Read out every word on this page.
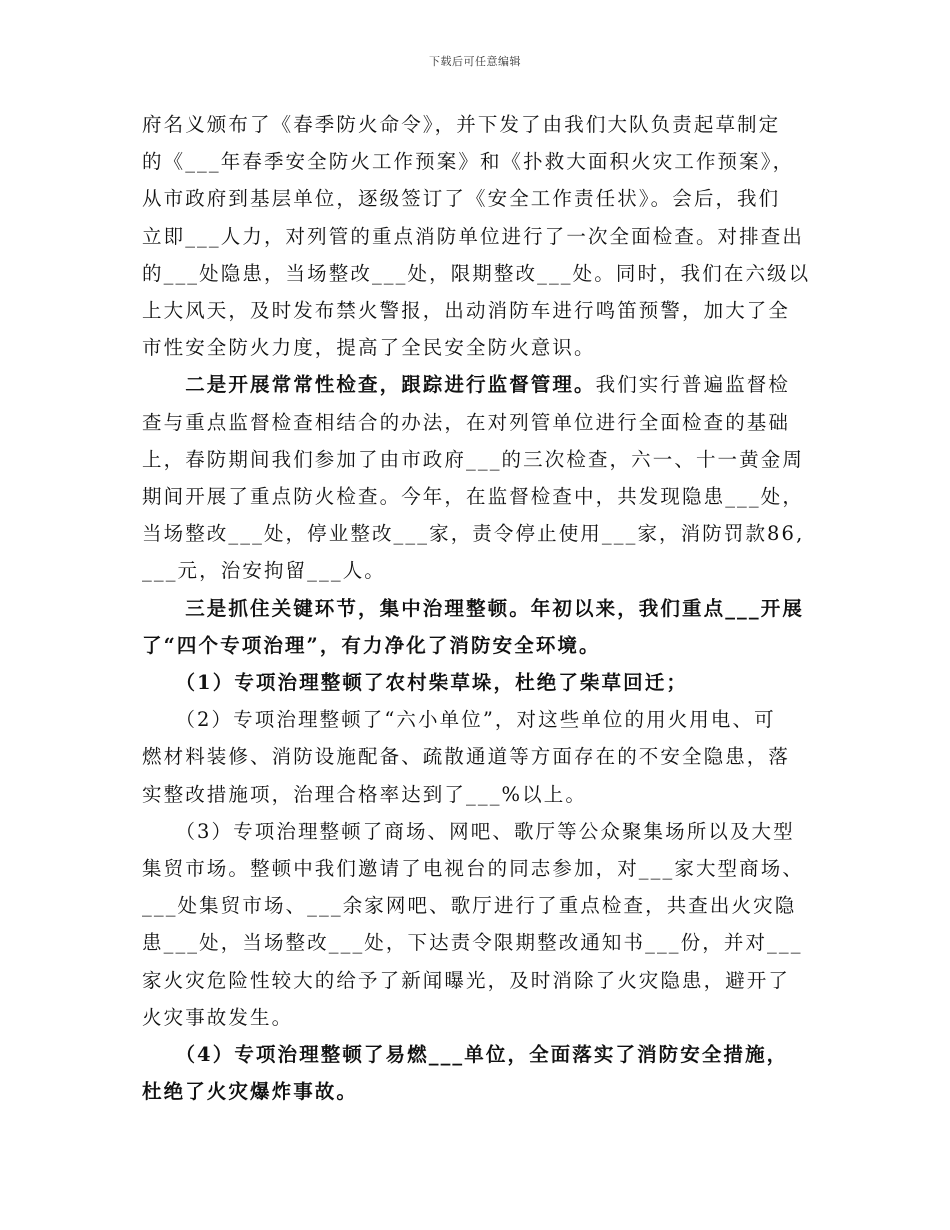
下载后可任意编辑

府名义颁布了《春季防火命令》，并下发了由我们大队负责起草制定
的《___年春季安全防火工作预案》和《扑救大面积火灾工作预案》，
从市政府到基层单位，逐级签订了《安全工作责任状》。会后，我们
立即___人力，对列管的重点消防单位进行了一次全面检查。对排查出
的___处隐患，当场整改___处，限期整改___处。同时，我们在六级以
上大风天，及时发布禁火警报，出动消防车进行鸣笛预警，加大了全
市性安全防火力度，提高了全民安全防火意识。

　　二是开展常常性检查，跟踪进行监督管理。我们实行普遍监督检
查与重点监督检查相结合的办法，在对列管单位进行全面检查的基础
上，春防期间我们参加了由市政府___的三次检查，六一、十一黄金周
期间开展了重点防火检查。今年，在监督检查中，共发现隐患___处，
当场整改___处，停业整改___家，责令停止使用___家，消防罚款86,
___元，治安拘留___人。

　　三是抓住关键环节，集中治理整顿。年初以来，我们重点___开展
了“四个专项治理”，有力净化了消防安全环境。

　　（1）专项治理整顿了农村柴草垛，杜绝了柴草回迁；

　　（2）专项治理整顿了“六小单位”，对这些单位的用火用电、可
燃材料装修、消防设施配备、疏散通道等方面存在的不安全隐患，落
实整改措施项，治理合格率达到了___%以上。

　　（3）专项治理整顿了商场、网吧、歌厅等公众聚集场所以及大型
集贸市场。整顿中我们邀请了电视台的同志参加，对___家大型商场、
___处集贸市场、___余家网吧、歌厅进行了重点检查，共查出火灾隐
患___处，当场整改___处，下达责令限期整改通知书___份，并对___
家火灾危险性较大的给予了新闻曝光，及时消除了火灾隐患，避开了
火灾事故发生。

　　（4）专项治理整顿了易燃___单位，全面落实了消防安全措施，
杜绝了火灾爆炸事故。
